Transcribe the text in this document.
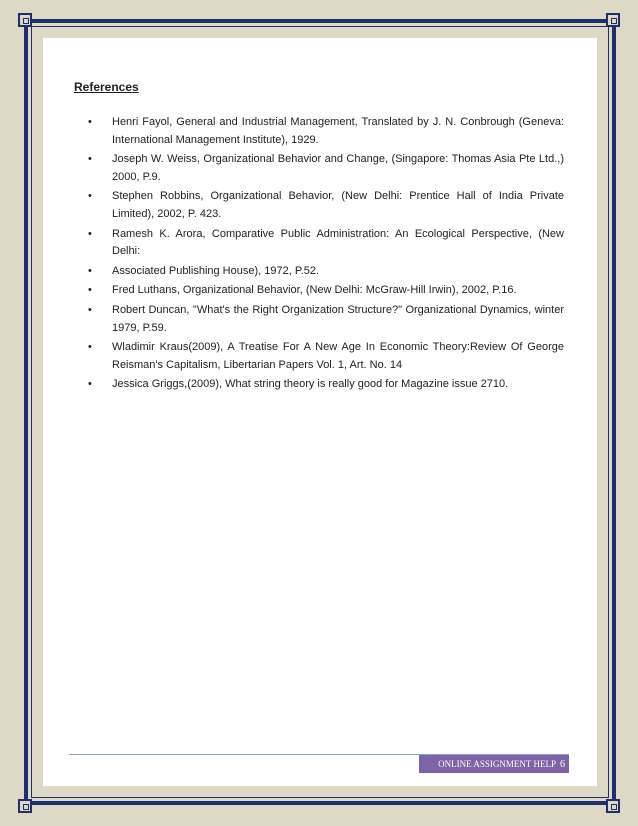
References
• Henri Fayol, General and Industrial Management, Translated by J. N. Conbrough (Geneva: International Management Institute), 1929.
• Joseph W. Weiss, Organizational Behavior and Change, (Singapore: Thomas Asia Pte Ltd.,) 2000, P.9.
• Stephen Robbins, Organizational Behavior, (New Delhi: Prentice Hall of India Private Limited), 2002, P. 423.
• Ramesh K. Arora, Comparative Public Administration: An Ecological Perspective, (New Delhi:
• Associated Publishing House), 1972, P.52.
• Fred Luthans, Organizational Behavior, (New Delhi: McGraw-Hill Irwin), 2002, P.16.
• Robert Duncan, "What's the Right Organization Structure?" Organizational Dynamics, winter 1979, P.59.
• Wladimir Kraus(2009), A Treatise For A New Age In Economic Theory:Review Of George Reisman's Capitalism, Libertarian Papers Vol. 1, Art. No. 14
• Jessica Griggs,(2009), What string theory is really good for Magazine issue 2710.
ONLINE ASSIGNMENT HELP 6
